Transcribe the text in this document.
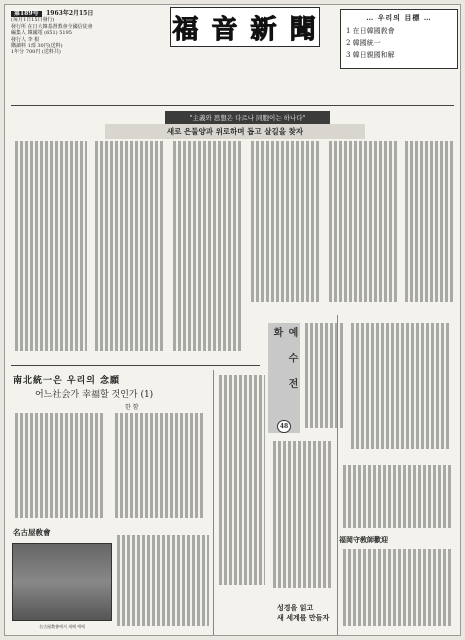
第189号 1963年2月15日
(毎月1日15日發行)
發行所 在日大韓基督教會全國信徒會
編集人 韓國電 (651) 5195
發行人 李 根
購讀料 1部 30円(送料)
1年分 700円 (送料共)
福 音 新 聞	… 우리의 目標 …
1 在日韓國敎會
2 韓國統一
3 韓日親國和解
"主義와 思想은 다르나 同胞이는 하나다"
새로 은둘양과 위로하며 돕고 살길을 찾자
南北統一은 우리의 念願
어느社会가 幸福할 것인가 (1)
한 함
예 수 전 화
48
名古屋敎會
名古屋敎會에서 새해 예배
福岡守敎師歡迎
성경을 읽고
새 세계를 만들자
